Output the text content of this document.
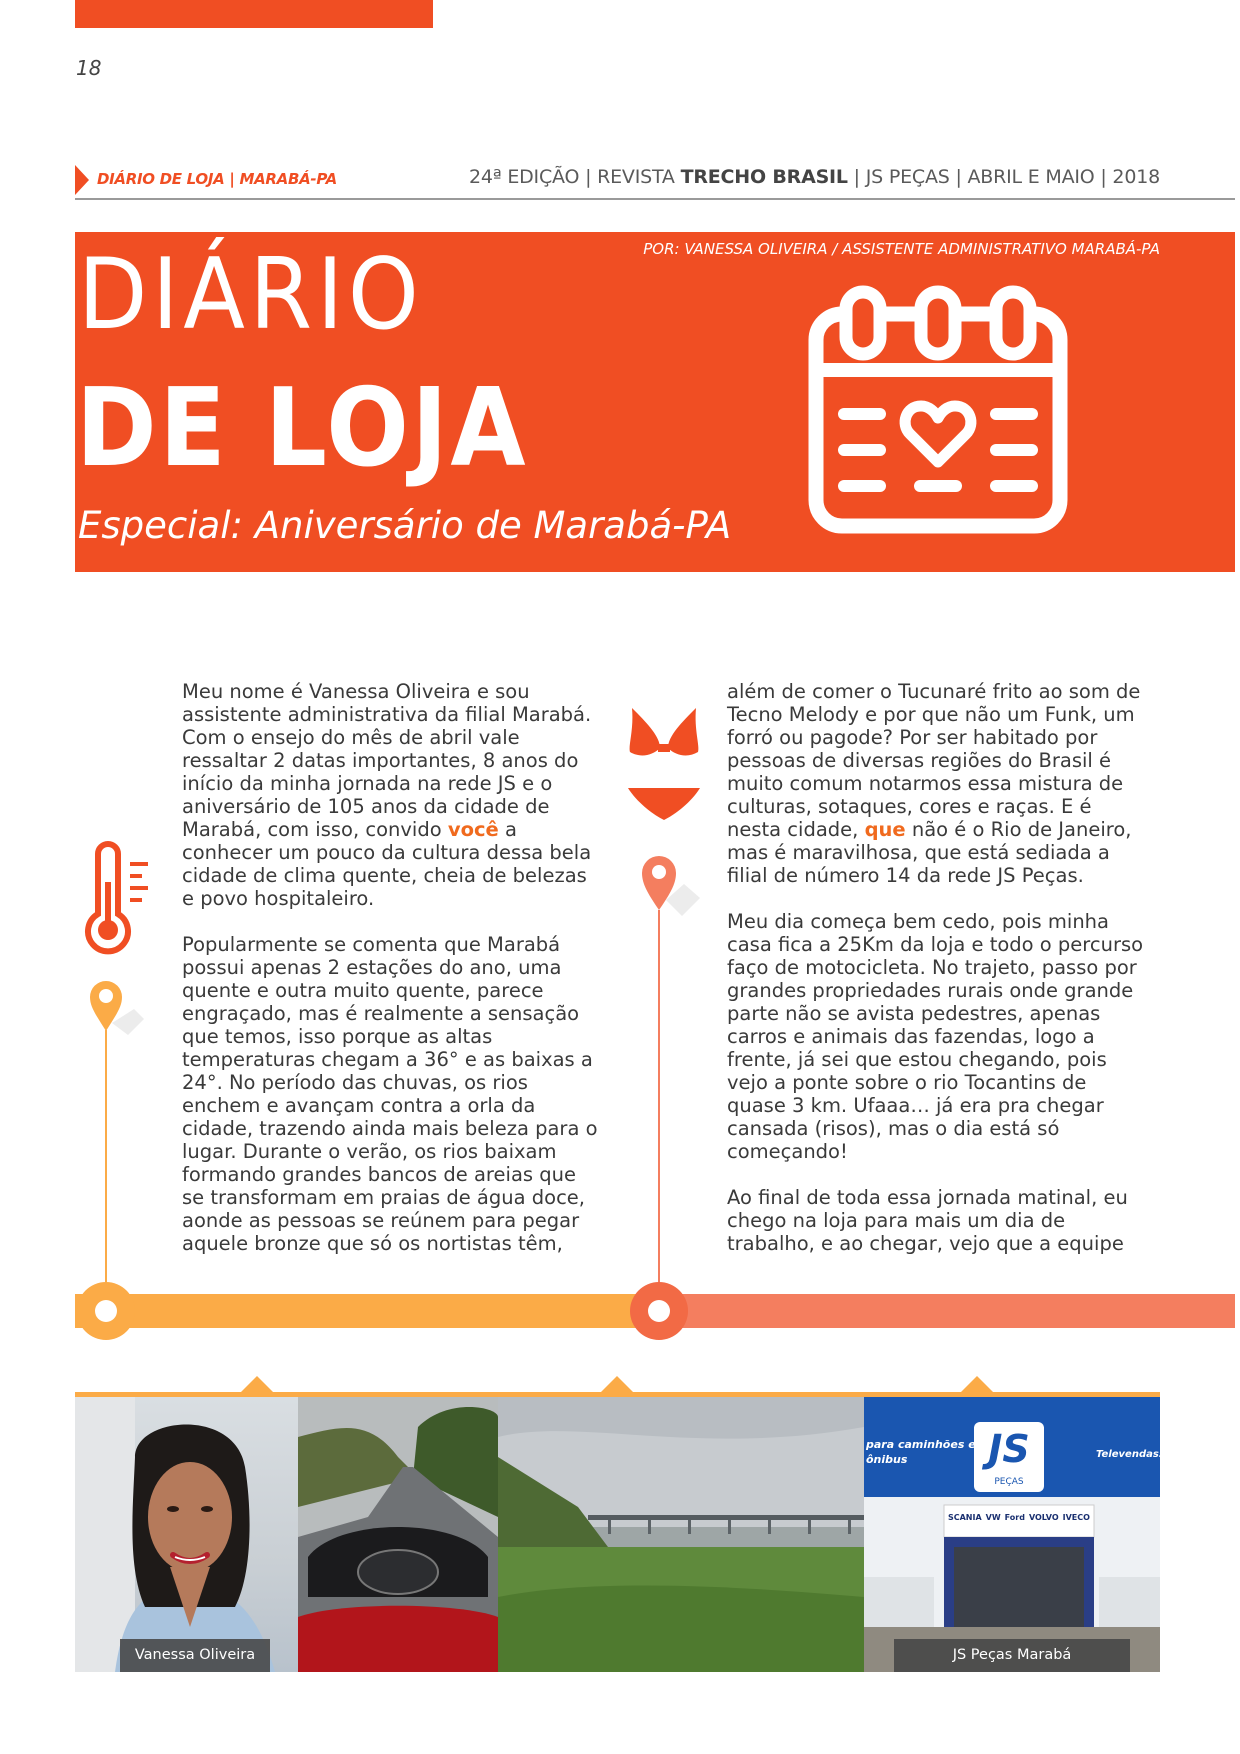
18
DIÁRIO DE LOJA | MARABÁ-PA	24ª EDIÇÃO | REVISTA TRECHO BRASIL | JS PEÇAS | ABRIL E MAIO | 2018
POR: VANESSA OLIVEIRA / ASSISTENTE ADMINISTRATIVO MARABÁ-PA
DIÁRIO
DE LOJA
Especial: Aniversário de Marabá-PA

Meu nome é Vanessa Oliveira e sou assistente administrativa da filial Marabá. Com o ensejo do mês de abril vale ressaltar 2 datas importantes, 8 anos do início da minha jornada na rede JS e o aniversário de 105 anos da cidade de Marabá, com isso, convido você a conhecer um pouco da cultura dessa bela cidade de clima quente, cheia de belezas e povo hospitaleiro.

Popularmente se comenta que Marabá possui apenas 2 estações do ano, uma quente e outra muito quente, parece engraçado, mas é realmente a sensação que temos, isso porque as altas temperaturas chegam a 36° e as baixas a 24°. No período das chuvas, os rios enchem e avançam contra a orla da cidade, trazendo ainda mais beleza para o lugar. Durante o verão, os rios baixam formando grandes bancos de areias que se transformam em praias de água doce, aonde as pessoas se reúnem para pegar aquele bronze que só os nortistas têm,

além de comer o Tucunaré frito ao som de Tecno Melody e por que não um Funk, um forró ou pagode? Por ser habitado por pessoas de diversas regiões do Brasil é muito comum notarmos essa mistura de culturas, sotaques, cores e raças. E é nesta cidade, que não é o Rio de Janeiro, mas é maravilhosa, que está sediada a filial de número 14 da rede JS Peças.

Meu dia começa bem cedo, pois minha casa fica a 25Km da loja e todo o percurso faço de motocicleta. No trajeto, passo por grandes propriedades rurais onde grande parte não se avista pedestres, apenas carros e animais das fazendas, logo a frente, já sei que estou chegando, pois vejo a ponte sobre o rio Tocantins de quase 3 km. Ufaaa… já era pra chegar cansada (risos), mas o dia está só começando!

Ao final de toda essa jornada matinal, eu chego na loja para mais um dia de trabalho, e ao chegar, vejo que a equipe

Vanessa Oliveira
para caminhões e ônibus	Televendas: (94
JS
PEÇAS
SCANIA VW Ford VOLVO IVECO
JS Peças Marabá
